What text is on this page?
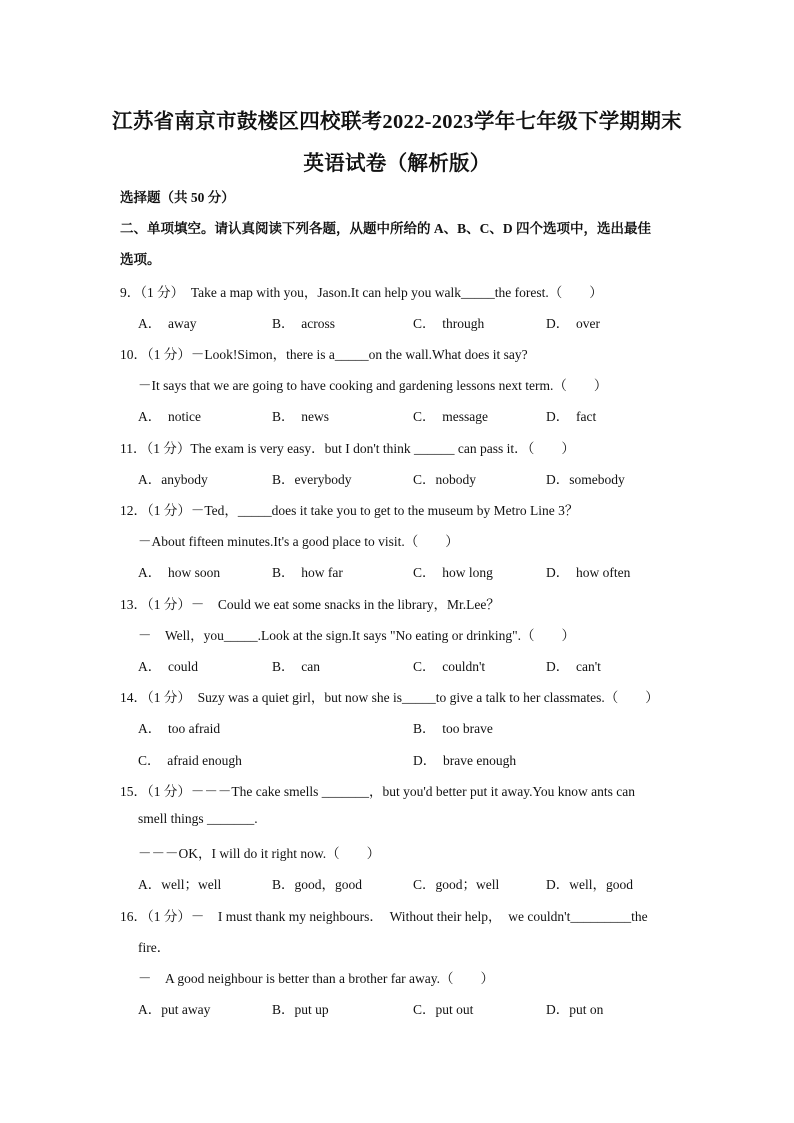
江苏省南京市鼓楼区四校联考2022-2023学年七年级下学期期末
英语试卷（解析版）
选择题（共 50 分）
二、单项填空。请认真阅读下列各题，从题中所给的 A、B、C、D 四个选项中，选出最佳
选项。
9．（1 分）　Take a map with you，Jason.It can help you walk_____the forest.（　　）
A．　away	B．　across	C．　through	D．　over
10．（1 分）－Look!Simon，there is a_____on the wall.What does it say?
－It says that we are going to have cooking and gardening lessons next term.（　　）
A．　notice	B．　news	C．　message	D．　fact
11．（1 分）The exam is very easy．but I don't think ______ can pass it．（　　）
A．anybody	B．everybody	C．nobody	D．somebody
12．（1 分）－Ted，_____does it take you to get to the museum by Metro Line 3？
－About fifteen minutes.It's a good place to visit.（　　）
A．　how soon	B．　how far	C．　how long	D．　how often
13．（1 分）－　Could we eat some snacks in the library，Mr.Lee？
－　Well，you_____.Look at the sign.It says "No eating or drinking".（　　）
A．　could	B．　can	C．　couldn't	D．　can't
14．（1 分）　Suzy was a quiet girl，but now she is_____to give a talk to her classmates.（　　）
A．　too afraid	B．　too brave
C．　afraid enough	D．　brave enough
15．（1 分）－－－The cake smells _______，but you'd better put it away.You know ants can
smell things _______.
－－－OK，I will do it right now.（　　）
A．well；well	B．good，good	C．good；well	D．well，good
16．（1 分）－　I must thank my neighbours．　Without their help，　we couldn't_________the
fire．
－　A good neighbour is better than a brother far away.（　　）
A．put away	B．put up	C．put out	D．put on
